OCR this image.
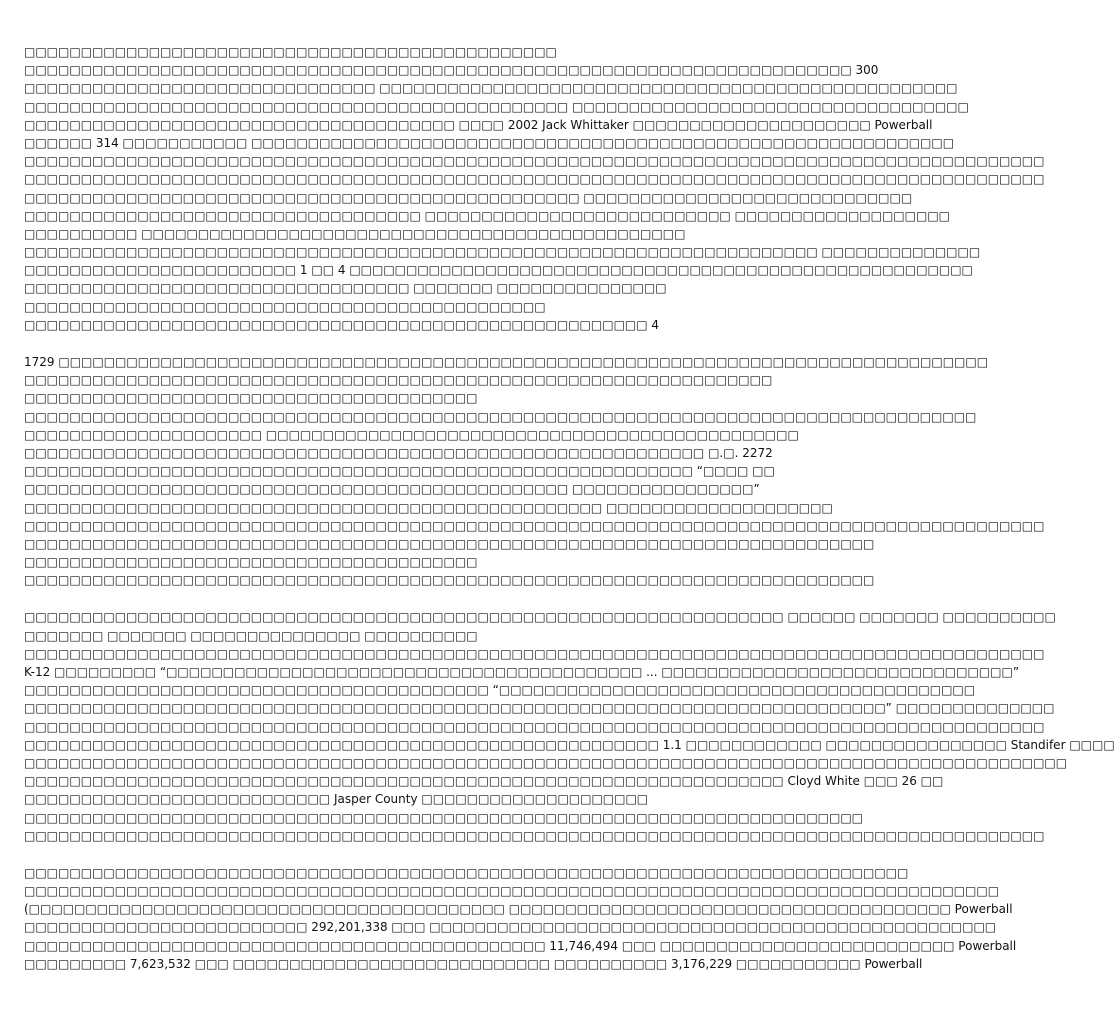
□□□□□□□□□□□□□□□□□□□□□□□□□□□□□□□□□□□□□□□□□□□□□□□
□□□□□□□□□□□□□□□□□□□□□□□□□□□□□□□□□□□□□□□□□□□□□□□□□□□□□□□□□□□□□□□□□□□□□□□□□ 300
□□□□□□□□□□□□□□□□□□□□□□□□□□□□□□□ □□□□□□□□□□□□□□□□□□□□□□□□□□□□□□□□□□□□□□□□□□□□□□□□□□□
□□□□□□□□□□□□□□□□□□□□□□□□□□□□□□□□□□□□□□□□□□□□□□□□ □□□□□□□□□□□□□□□□□□□□□□□□□□□□□□□□□□□
□□□□□□□□□□□□□□□□□□□□□□□□□□□□□□□□□□□□□□ □□□□ 2002 Jack Whittaker □□□□□□□□□□□□□□□□□□□□□ Powerball
□□□□□□ 314 □□□□□□□□□□□ □□□□□□□□□□□□□□□□□□□□□□□□□□□□□□□□□□□□□□□□□□□□□□□□□□□□□□□□□□□□□□
□□□□□□□□□□□□□□□□□□□□□□□□□□□□□□□□□□□□□□□□□□□□□□□□□□□□□□□□□□□□□□□□□□□□□□□□□□□□□□□□□□□□□□□□□□
□□□□□□□□□□□□□□□□□□□□□□□□□□□□□□□□□□□□□□□□□□□□□□□□□□□□□□□□□□□□□□□□□□□□□□□□□□□□□□□□□□□□□□□□□□
□□□□□□□□□□□□□□□□□□□□□□□□□□□□□□□□□□□□□□□□□□□□□□□□□ □□□□□□□□□□□□□□□□□□□□□□□□□□□□□
□□□□□□□□□□□□□□□□□□□□□□□□□□□□□□□□□□□ □□□□□□□□□□□□□□□□□□□□□□□□□□□ □□□□□□□□□□□□□□□□□□□
□□□□□□□□□□ □□□□□□□□□□□□□□□□□□□□□□□□□□□□□□□□□□□□□□□□□□□□□□□□
□□□□□□□□□□□□□□□□□□□□□□□□□□□□□□□□□□□□□□□□□□□□□□□□□□□□□□□□□□□□□□□□□□□□□□ □□□□□□□□□□□□□□
□□□□□□□□□□□□□□□□□□□□□□□□ 1 □□ 4 □□□□□□□□□□□□□□□□□□□□□□□□□□□□□□□□□□□□□□□□□□□□□□□□□□□□□□□
□□□□□□□□□□□□□□□□□□□□□□□□□□□□□□□□□□ □□□□□□□ □□□□□□□□□□□□□□□
□□□□□□□□□□□□□□□□□□□□□□□□□□□□□□□□□□□□□□□□□□□□□□
□□□□□□□□□□□□□□□□□□□□□□□□□□□□□□□□□□□□□□□□□□□□□□□□□□□□□□□ 4
1729 □□□□□□□□□□□□□□□□□□□□□□□□□□□□□□□□□□□□□□□□□□□□□□□□□□□□□□□□□□□□□□□□□□□□□□□□□□□□□□□□□□
□□□□□□□□□□□□□□□□□□□□□□□□□□□□□□□□□□□□□□□□□□□□□□□□□□□□□□□□□□□□□□□□□□
□□□□□□□□□□□□□□□□□□□□□□□□□□□□□□□□□□□□□□□□
□□□□□□□□□□□□□□□□□□□□□□□□□□□□□□□□□□□□□□□□□□□□□□□□□□□□□□□□□□□□□□□□□□□□□□□□□□□□□□□□□□□□
□□□□□□□□□□□□□□□□□□□□□ □□□□□□□□□□□□□□□□□□□□□□□□□□□□□□□□□□□□□□□□□□□□□□□
□□□□□□□□□□□□□□□□□□□□□□□□□□□□□□□□□□□□□□□□□□□□□□□□□□□□□□□□□□□□ □.□. 2272
□□□□□□□□□□□□□□□□□□□□□□□□□□□□□□□□□□□□□□□□□□□□□□□□□□□□□□□□□□□ “□□□□ □□
□□□□□□□□□□□□□□□□□□□□□□□□□□□□□□□□□□□□□□□□□□□□□□□□ □□□□□□□□□□□□□□□□”
□□□□□□□□□□□□□□□□□□□□□□□□□□□□□□□□□□□□□□□□□□□□□□□□□□□ □□□□□□□□□□□□□□□□□□□□
□□□□□□□□□□□□□□□□□□□□□□□□□□□□□□□□□□□□□□□□□□□□□□□□□□□□□□□□□□□□□□□□□□□□□□□□□□□□□□□□□□□□□□□□□□
□□□□□□□□□□□□□□□□□□□□□□□□□□□□□□□□□□□□□□□□□□□□□□□□□□□□□□□□□□□□□□□□□□□□□□□□□□□
□□□□□□□□□□□□□□□□□□□□□□□□□□□□□□□□□□□□□□□□
□□□□□□□□□□□□□□□□□□□□□□□□□□□□□□□□□□□□□□□□□□□□□□□□□□□□□□□□□□□□□□□□□□□□□□□□□□□
□□□□□□□□□□□□□□□□□□□□□□□□□□□□□□□□□□□□□□□□□□□□□□□□□□□□□□□□□□□□□□□□□□□ □□□□□□ □□□□□□□ □□□□□□□□□□
□□□□□□□ □□□□□□□ □□□□□□□□□□□□□□□ □□□□□□□□□□
□□□□□□□□□□□□□□□□□□□□□□□□□□□□□□□□□□□□□□□□□□□□□□□□□□□□□□□□□□□□□□□□□□□□□□□□□□□□□□□□□□□□□□□□□□
K-12 □□□□□□□□□ “□□□□□□□□□□□□□□□□□□□□□□□□□□□□□□□□□□□□□□□□□□ ... □□□□□□□□□□□□□□□□□□□□□□□□□□□□□□□”
□□□□□□□□□□□□□□□□□□□□□□□□□□□□□□□□□□□□□□□□□ “□□□□□□□□□□□□□□□□□□□□□□□□□□□□□□□□□□□□□□□□□□
□□□□□□□□□□□□□□□□□□□□□□□□□□□□□□□□□□□□□□□□□□□□□□□□□□□□□□□□□□□□□□□□□□□□□□□□□□□□” □□□□□□□□□□□□□□
□□□□□□□□□□□□□□□□□□□□□□□□□□□□□□□□□□□□□□□□□□□□□□□□□□□□□□□□□□□□□□□□□□□□□□□□□□□□□□□□□□□□□□□□□□
□□□□□□□□□□□□□□□□□□□□□□□□□□□□□□□□□□□□□□□□□□□□□□□□□□□□□□□□ 1.1 □□□□□□□□□□□□ □□□□□□□□□□□□□□□□ Standifer □□□□
□□□□□□□□□□□□□□□□□□□□□□□□□□□□□□□□□□□□□□□□□□□□□□□□□□□□□□□□□□□□□□□□□□□□□□□□□□□□□□□□□□□□□□□□□□□□
□□□□□□□□□□□□□□□□□□□□□□□□□□□□□□□□□□□□□□□□□□□□□□□□□□□□□□□□□□□□□□□□□□□ Cloyd White □□□ 26 □□
□□□□□□□□□□□□□□□□□□□□□□□□□□□ Jasper County □□□□□□□□□□□□□□□□□□□□
□□□□□□□□□□□□□□□□□□□□□□□□□□□□□□□□□□□□□□□□□□□□□□□□□□□□□□□□□□□□□□□□□□□□□□□□□□
□□□□□□□□□□□□□□□□□□□□□□□□□□□□□□□□□□□□□□□□□□□□□□□□□□□□□□□□□□□□□□□□□□□□□□□□□□□□□□□□□□□□□□□□□□
□□□□□□□□□□□□□□□□□□□□□□□□□□□□□□□□□□□□□□□□□□□□□□□□□□□□□□□□□□□□□□□□□□□□□□□□□□□□□□
□□□□□□□□□□□□□□□□□□□□□□□□□□□□□□□□□□□□□□□□□□□□□□□□□□□□□□□□□□□□□□□□□□□□□□□□□□□□□□□□□□□□□□
(□□□□□□□□□□□□□□□□□□□□□□□□□□□□□□□□□□□□□□□□□□ □□□□□□□□□□□□□□□□□□□□□□□□□□□□□□□□□□□□□□□ Powerball
□□□□□□□□□□□□□□□□□□□□□□□□□ 292,201,338 □□□ □□□□□□□□□□□□□□□□□□□□□□□□□□□□□□□□□□□□□□□□□□□□□□□□□□
□□□□□□□□□□□□□□□□□□□□□□□□□□□□□□□□□□□□□□□□□□□□□□ 11,746,494 □□□ □□□□□□□□□□□□□□□□□□□□□□□□□□ Powerball
□□□□□□□□□ 7,623,532 □□□ □□□□□□□□□□□□□□□□□□□□□□□□□□□□ □□□□□□□□□□ 3,176,229 □□□□□□□□□□□ Powerball
